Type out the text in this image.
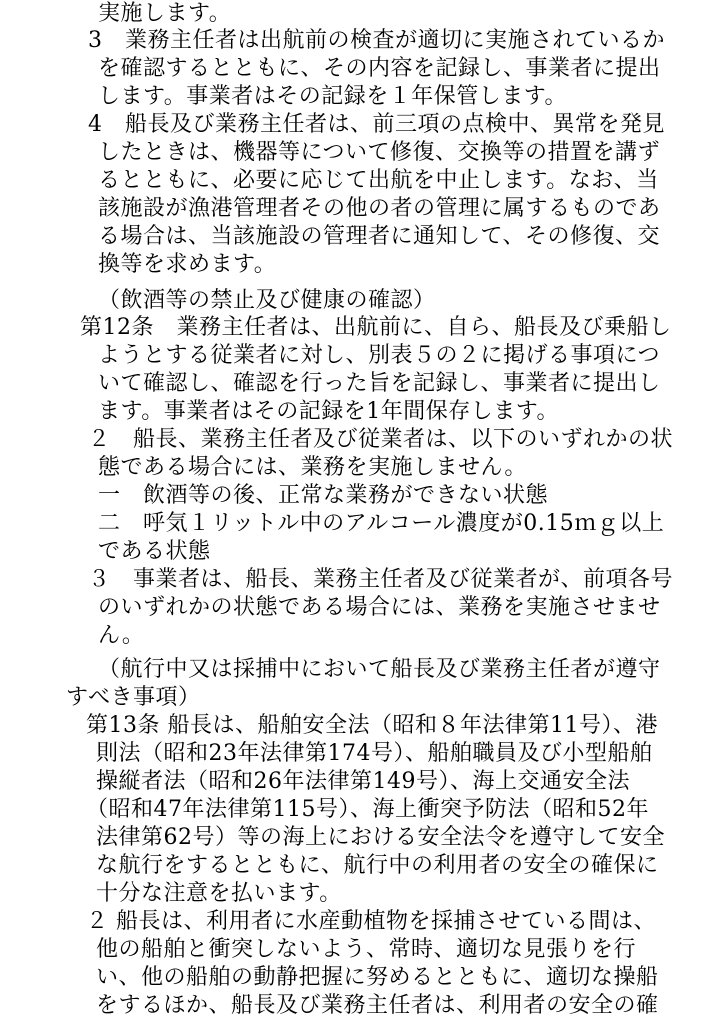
実施します。
3　業務主任者は出航前の検査が適切に実施されているか
を確認するとともに、その内容を記録し、事業者に提出
します。事業者はその記録を１年保管します。
4　船長及び業務主任者は、前三項の点検中、異常を発見
したときは、機器等について修復、交換等の措置を講ず
るとともに、必要に応じて出航を中止します。なお、当
該施設が漁港管理者その他の者の管理に属するものであ
る場合は、当該施設の管理者に通知して、その修復、交
換等を求めます。
（飲酒等の禁止及び健康の確認）
第12条　業務主任者は、出航前に、自ら、船長及び乗船し
ようとする従業者に対し、別表５の２に掲げる事項につ
いて確認し、確認を行った旨を記録し、事業者に提出し
ます。事業者はその記録を1年間保存します。
２　船長、業務主任者及び従業者は、以下のいずれかの状
態である場合には、業務を実施しません。
一　飲酒等の後、正常な業務ができない状態
二　呼気１リットル中のアルコール濃度が0.15ｍｇ以上
である状態
３　事業者は、船長、業務主任者及び従業者が、前項各号
のいずれかの状態である場合には、業務を実施させませ
ん。
（航行中又は採捕中において船長及び業務主任者が遵守
すべき事項）
第13条 船長は、船舶安全法（昭和８年法律第11号）、港
則法（昭和23年法律第174号）、船舶職員及び小型船舶
操縦者法（昭和26年法律第149号）、海上交通安全法
（昭和47年法律第115号）、海上衝突予防法（昭和52年
法律第62号）等の海上における安全法令を遵守して安全
な航行をするとともに、航行中の利用者の安全の確保に
十分な注意を払います。
２ 船長は、利用者に水産動植物を採捕させている間は、
他の船舶と衝突しないよう、常時、適切な見張りを行
い、他の船舶の動静把握に努めるとともに、適切な操船
をするほか、船長及び業務主任者は、利用者の安全の確
